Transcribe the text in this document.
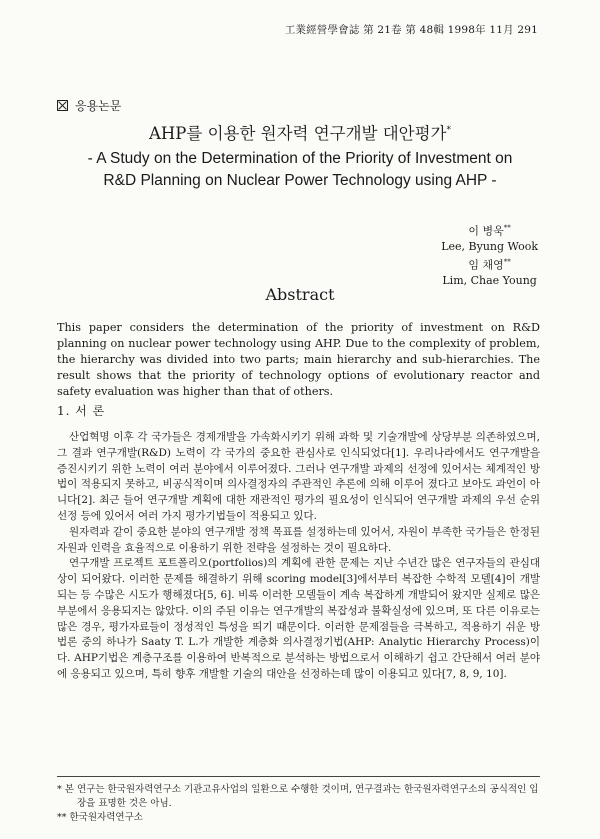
工業經營學會誌 第 21卷 第 48輯 1998年 11月 291
응용논문
AHP를 이용한 원자력 연구개발 대안평가*
- A Study on the Determination of the Priority of Investment on
R&D Planning on Nuclear Power Technology using AHP -
이 병욱**
Lee, Byung Wook
임 채영**
Lim, Chae Young
Abstract
This paper considers the determination of the priority of investment on R&D planning on nuclear power technology using AHP. Due to the complexity of problem, the hierarchy was divided into two parts; main hierarchy and sub-hierarchies. The result shows that the priority of technology options of evolutionary reactor and safety evaluation was higher than that of others.
1. 서 론

산업혁명 이후 각 국가들은 경제개발을 가속화시키기 위해 과학 및 기술개발에 상당부분 의존하였으며, 그 결과 연구개발(R&D) 노력이 각 국가의 중요한 관심사로 인식되었다[1]. 우리나라에서도 연구개발을 증진시키기 위한 노력이 여러 분야에서 이루어졌다. 그러나 연구개발 과제의 선정에 있어서는 체계적인 방법이 적용되지 못하고, 비공식적이며 의사결정자의 주관적인 추론에 의해 이루어 졌다고 보아도 과언이 아니다[2]. 최근 들어 연구개발 계획에 대한 재관적인 평가의 필요성이 인식되어 연구개발 과제의 우선 순위 선정 등에 있어서 여러 가지 평가기법들이 적용되고 있다.

원자력과 같이 중요한 분야의 연구개발 정책 목표를 설정하는데 있어서, 자원이 부족한 국가들은 한정된 자원과 인력을 효율적으로 이용하기 위한 전략을 설정하는 것이 필요하다.

연구개발 프로젝트 포트폴리오(portfolios)의 계획에 관한 문제는 지난 수년간 많은 연구자들의 관심대상이 되어왔다. 이러한 문제를 해결하기 위해 scoring model[3]에서부터 복잡한 수학적 모델[4]이 개발되는 등 수많은 시도가 행해졌다[5, 6]. 비록 이러한 모델들이 계속 복잡하게 개발되어 왔지만 실제로 많은 부분에서 응용되지는 않았다. 이의 주된 이유는 연구개발의 복잡성과 불확실성에 있으며, 또 다른 이유로는 많은 경우, 평가자료들이 정성적인 특성을 띄기 때문이다. 이러한 문제점들을 극복하고, 적용하기 쉬운 방법론 중의 하나가 Saaty T. L.가 개발한 계층화 의사결정기법(AHP: Analytic Hierarchy Process)이다. AHP기법은 계층구조를 이용하여 반복적으로 분석하는 방법으로서 이해하기 쉽고 간단해서 여러 분야에 응용되고 있으며, 특히 향후 개발할 기술의 대안을 선정하는데 많이 이용되고 있다[7, 8, 9, 10].

* 본 연구는 한국원자력연구소 기관고유사업의 일환으로 수행한 것이며, 연구결과는 한국원자력연구소의 공식적인 입장을 표명한 것은 아님.
** 한국원자력연구소
